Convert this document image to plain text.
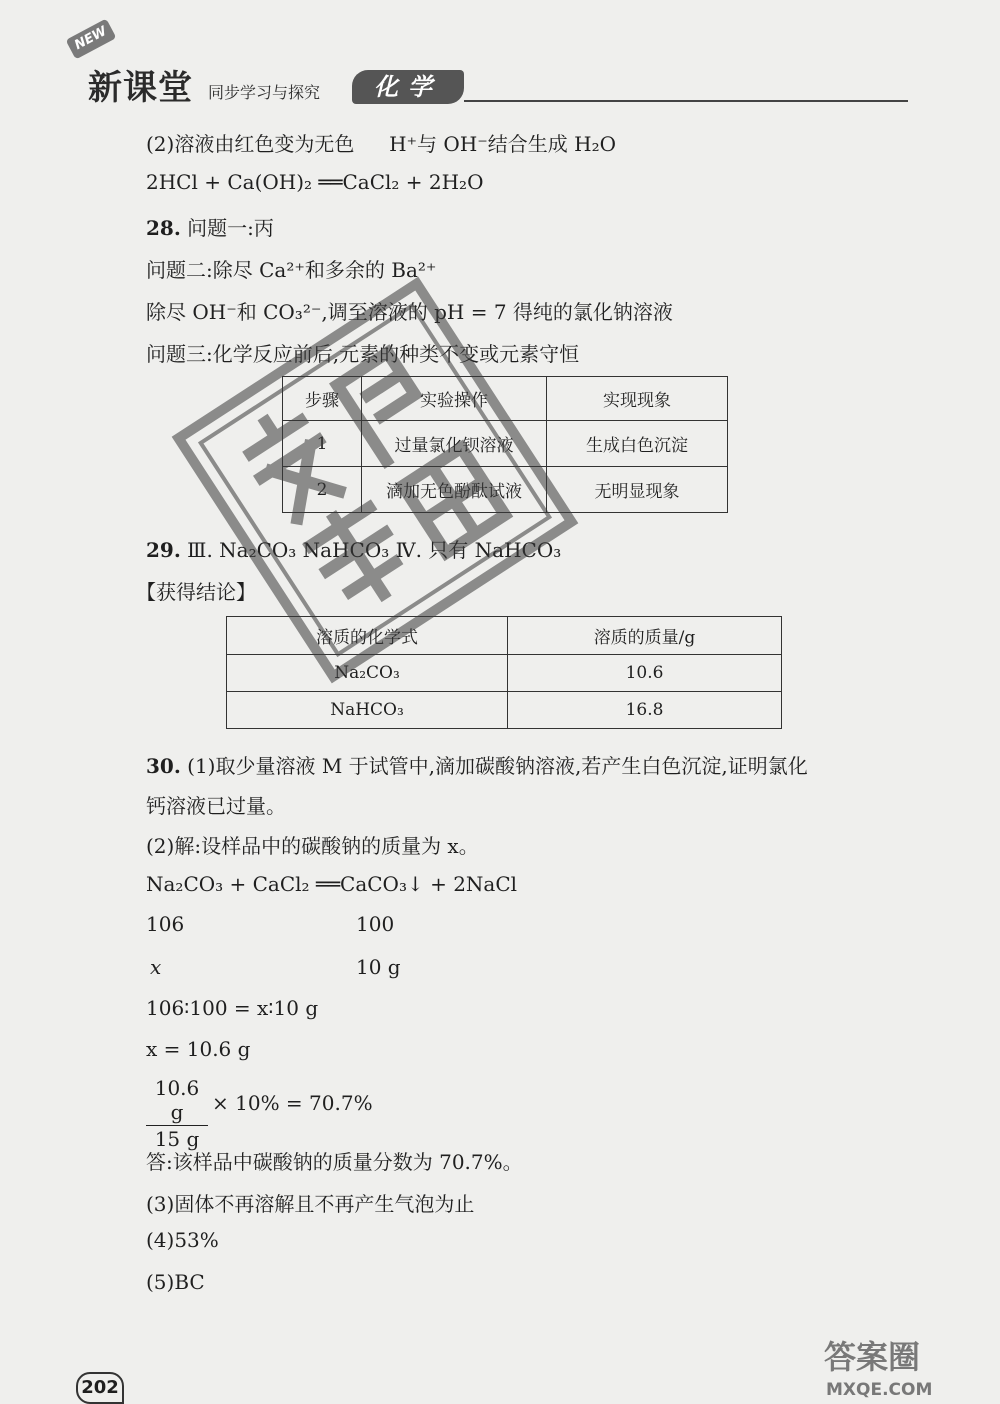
NEW
新课堂 同步学习与探究	化学
(2)溶液由红色变为无色 H⁺与 OH⁻结合生成 H₂O
2HCl + Ca(OH)₂ ══CaCl₂ + 2H₂O
28. 问题一:丙
问题二:除尽 Ca²⁺和多余的 Ba²⁺
除尽 OH⁻和 CO₃²⁻,调至溶液的 pH = 7 得纯的氯化钠溶液
问题三:化学反应前后,元素的种类不变或元素守恒
步骤	实验操作	实现现象
1	过量氯化钡溶液	生成白色沉淀
2	滴加无色酚酞试液	无明显现象
29. Ⅲ. Na₂CO₃ NaHCO₃ Ⅳ. 只有 NaHCO₃
【获得结论】
溶质的化学式	溶质的质量/g
Na₂CO₃	10.6
NaHCO₃	16.8
30. (1)取少量溶液 M 于试管中,滴加碳酸钠溶液,若产生白色沉淀,证明氯化
钙溶液已过量。
(2)解:设样品中的碳酸钠的质量为 x。
Na₂CO₃ + CaCl₂ ══CaCO₃↓ + 2NaCl
106	100
x	10 g
106∶100 = x∶10 g
x = 10.6 g
$\frac{10.6 g}{15 g} \times 10\% = 70.7\%$
答:该样品中碳酸钠的质量分数为 70.7%。
(3)固体不再溶解且不再产生气泡为止
(4)53%
(5)BC
202
答案圈
MXQE.COM
